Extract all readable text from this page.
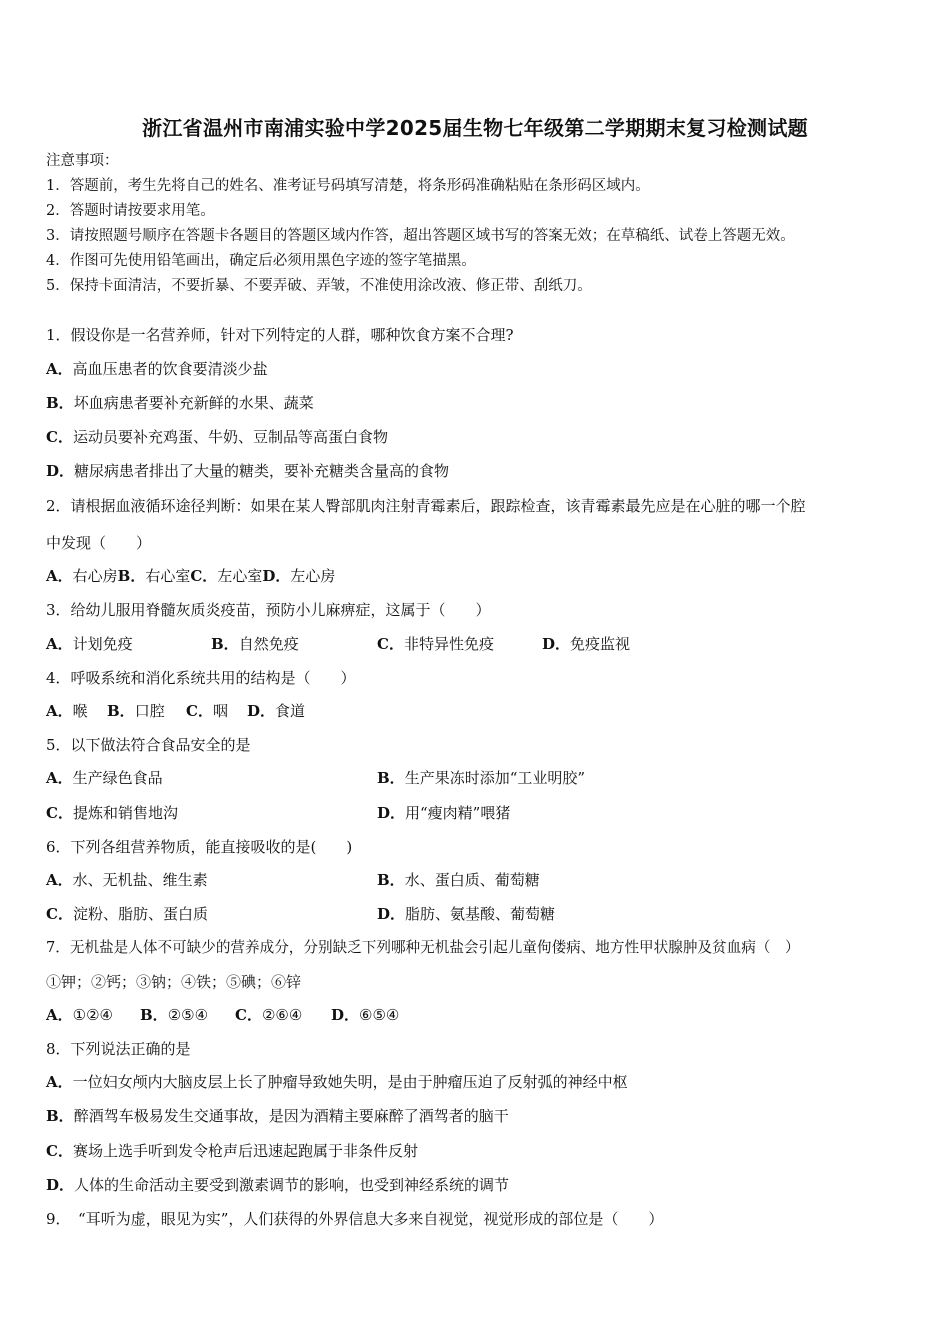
浙江省温州市南浦实验中学2025届生物七年级第二学期期末复习检测试题
注意事项：
1．答题前，考生先将自己的姓名、准考证号码填写清楚，将条形码准确粘贴在条形码区域内。
2．答题时请按要求用笔。
3．请按照题号顺序在答题卡各题目的答题区域内作答，超出答题区域书写的答案无效；在草稿纸、试卷上答题无效。
4．作图可先使用铅笔画出，确定后必须用黑色字迹的签字笔描黑。
5．保持卡面清洁，不要折暴、不要弄破、弄皱，不准使用涂改液、修正带、刮纸刀。
1．假设你是一名营养师，针对下列特定的人群，哪种饮食方案不合理?
A．高血压患者的饮食要清淡少盐
B．坏血病患者要补充新鲜的水果、蔬菜
C．运动员要补充鸡蛋、牛奶、豆制品等高蛋白食物
D．糖尿病患者排出了大量的糖类，要补充糖类含量高的食物
2．请根据血液循环途径判断：如果在某人臀部肌肉注射青霉素后，跟踪检查，该青霉素最先应是在心脏的哪一个腔
中发现（　　）
A．右心房B．右心室C．左心室D．左心房
3．给幼儿服用脊髓灰质炎疫苗，预防小儿麻痹症，这属于（　　）
A．计划免疫	B．自然免疫	C．非特异性免疫	D．免疫监视
4．呼吸系统和消化系统共用的结构是（　　）
A．喉 B．口腔 C．咽 D．食道
5．以下做法符合食品安全的是
A．生产绿色食品	B．生产果冻时添加“工业明胶”
C．提炼和销售地沟	D．用“瘦肉精”喂猪
6．下列各组营养物质，能直接吸收的是(　　)
A．水、无机盐、维生素	B．水、蛋白质、葡萄糖
C．淀粉、脂肪、蛋白质	D．脂肪、氨基酸、葡萄糖
7．无机盐是人体不可缺少的营养成分，分别缺乏下列哪种无机盐会引起儿童佝偻病、地方性甲状腺肿及贫血病（　）
①钾；②钙；③钠；④铁；⑤碘；⑥锌
A．①②④ B．②⑤④ C．②⑥④ D．⑥⑤④
8．下列说法正确的是
A．一位妇女颅内大脑皮层上长了肿瘤导致她失明，是由于肿瘤压迫了反射弧的神经中枢
B．醉酒驾车极易发生交通事故，是因为酒精主要麻醉了酒驾者的脑干
C．赛场上选手听到发令枪声后迅速起跑属于非条件反射
D．人体的生命活动主要受到激素调节的影响，也受到神经系统的调节
9．　“耳听为虚，眼见为实”，人们获得的外界信息大多来自视觉，视觉形成的部位是（　　）
